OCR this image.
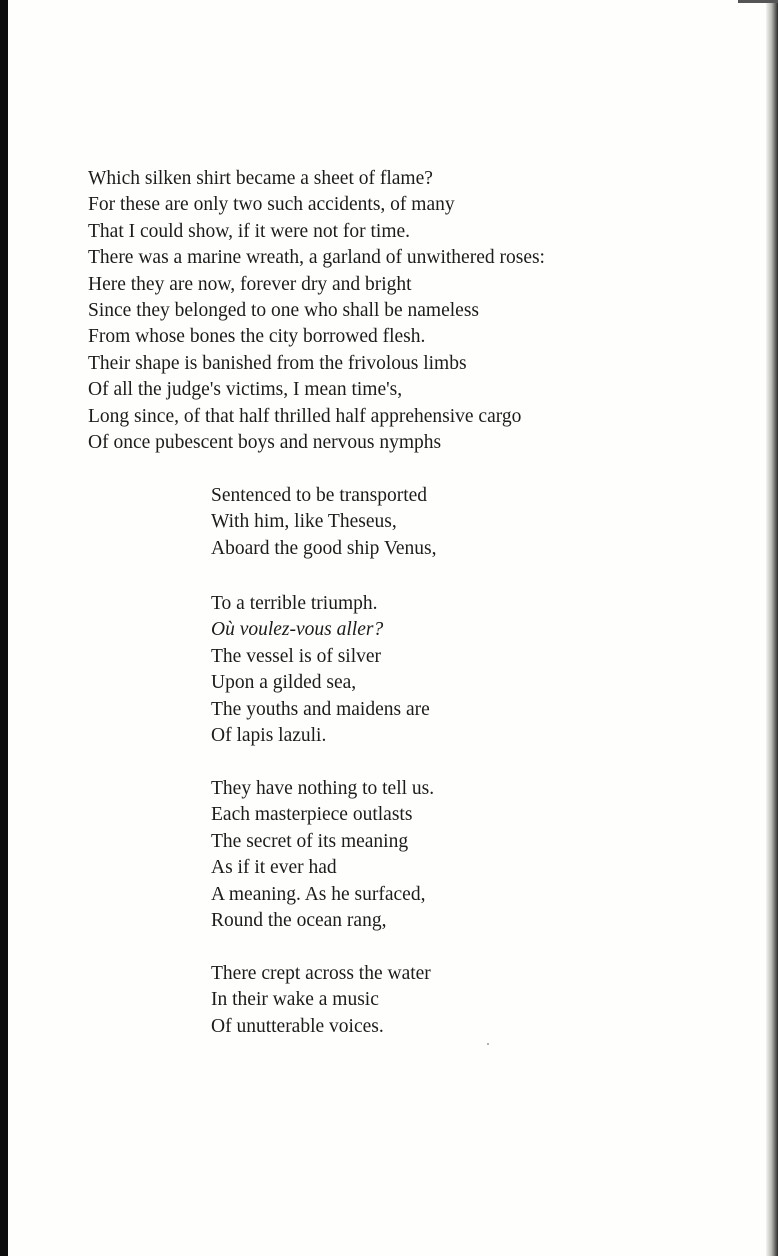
Which silken shirt became a sheet of flame?
For these are only two such accidents, of many
That I could show, if it were not for time.
There was a marine wreath, a garland of unwithered roses:
Here they are now, forever dry and bright
Since they belonged to one who shall be nameless
From whose bones the city borrowed flesh.
Their shape is banished from the frivolous limbs
Of all the judge's victims, I mean time's,
Long since, of that half thrilled half apprehensive cargo
Of once pubescent boys and nervous nymphs
Sentenced to be transported
With him, like Theseus,
Aboard the good ship Venus,
To a terrible triumph.
Où voulez-vous aller?
The vessel is of silver
Upon a gilded sea,
The youths and maidens are
Of lapis lazuli.
They have nothing to tell us.
Each masterpiece outlasts
The secret of its meaning
As if it ever had
A meaning. As he surfaced,
Round the ocean rang,
There crept across the water
In their wake a music
Of unutterable voices.
